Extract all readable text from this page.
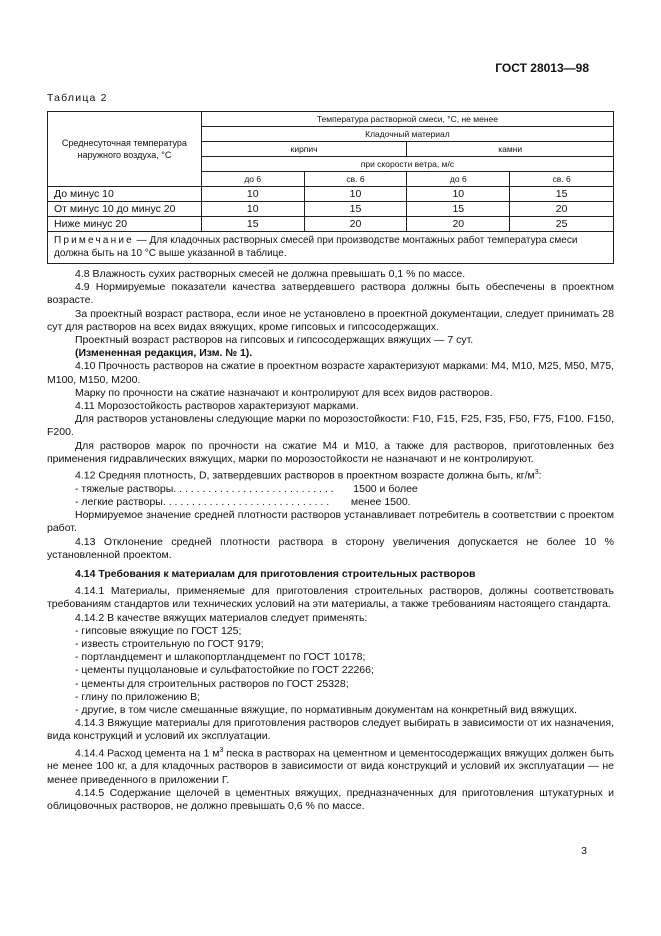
ГОСТ 28013—98
Таблица 2
Среднесуточная температура наружного воздуха, °С	Температура растворной смеси, °С, не менее			
	Кладочный материал			
	кирпич		камни	
	при скорости ветра, м/с			
	до 6	св. 6	до 6	св. 6
До минус 10	10	10	10	15
От минус 10 до минус 20	10	15	15	20
Ниже минус 20	15	20	20	25
Примечание — Для кладочных растворных смесей при производстве монтажных работ температура смеси должна быть на 10 °С выше указанной в таблице.				

4.8 Влажность сухих растворных смесей не должна превышать 0,1 % по массе.

4.9 Нормируемые показатели качества затвердевшего раствора должны быть обеспечены в проектном возрасте.

За проектный возраст раствора, если иное не установлено в проектной документации, следует принимать 28 сут для растворов на всех видах вяжущих, кроме гипсовых и гипсосодержащих.

Проектный возраст растворов на гипсовых и гипсосодержащих вяжущих — 7 сут.

(Измененная редакция, Изм. № 1).

4.10 Прочность растворов на сжатие в проектном возрасте характеризуют марками: М4, М10, М25, М50, М75, М100, М150, М200.

Марку по прочности на сжатие назначают и контролируют для всех видов растворов.

4.11 Морозостойкость растворов характеризуют марками.

Для растворов установлены следующие марки по морозостойкости: F10, F15, F25, F35, F50, F75, F100. F150, F200.

Для растворов марок по прочности на сжатие М4 и М10, а также для растворов, приготовленных без применения гидравлических вяжущих, марки по морозостойкости не назначают и не контролируют.

4.12 Средняя плотность, D, затвердевших растворов в проектном возрасте должна быть, $кг/м^3$:

- тяжелые растворы . . . . . . . . . . . . . . . . . . . . . . . . . . . .	1500 и более
- легкие растворы . . . . . . . . . . . . . . . . . . . . . . . . . . . . .	менее 1500.

Нормируемое значение средней плотности растворов устанавливает потребитель в соответствии с проектом работ.

4.13 Отклонение средней плотности раствора в сторону увеличения допускается не более 10 % установленной проектом.

4.14 Требования к материалам для приготовления строительных растворов

4.14.1 Материалы, применяемые для приготовления строительных растворов, должны соответствовать требованиям стандартов или технических условий на эти материалы, а также требованиям настоящего стандарта.

4.14.2 В качестве вяжущих материалов следует применять:

- гипсовые вяжущие по ГОСТ 125;

- известь строительную по ГОСТ 9179;

- портландцемент и шлакопортландцемент по ГОСТ 10178;

- цементы пуццолановые и сульфатостойкие по ГОСТ 22266;

- цементы для строительных растворов по ГОСТ 25328;

- глину по приложению В;

- другие, в том числе смешанные вяжущие, по нормативным документам на конкретный вид вяжущих.

4.14.3 Вяжущие материалы для приготовления растворов следует выбирать в зависимости от их назначения, вида конструкций и условий их эксплуатации.

4.14.4 Расход цемента на 1 $м^3$ песка в растворах на цементном и цементосодержащих вяжущих должен быть не менее 100 кг, а для кладочных растворов в зависимости от вида конструкций и условий их эксплуатации — не менее приведенного в приложении Г.

4.14.5 Содержание щелочей в цементных вяжущих, предназначенных для приготовления штукатурных и облицовочных растворов, не должно превышать 0,6 % по массе.

3
